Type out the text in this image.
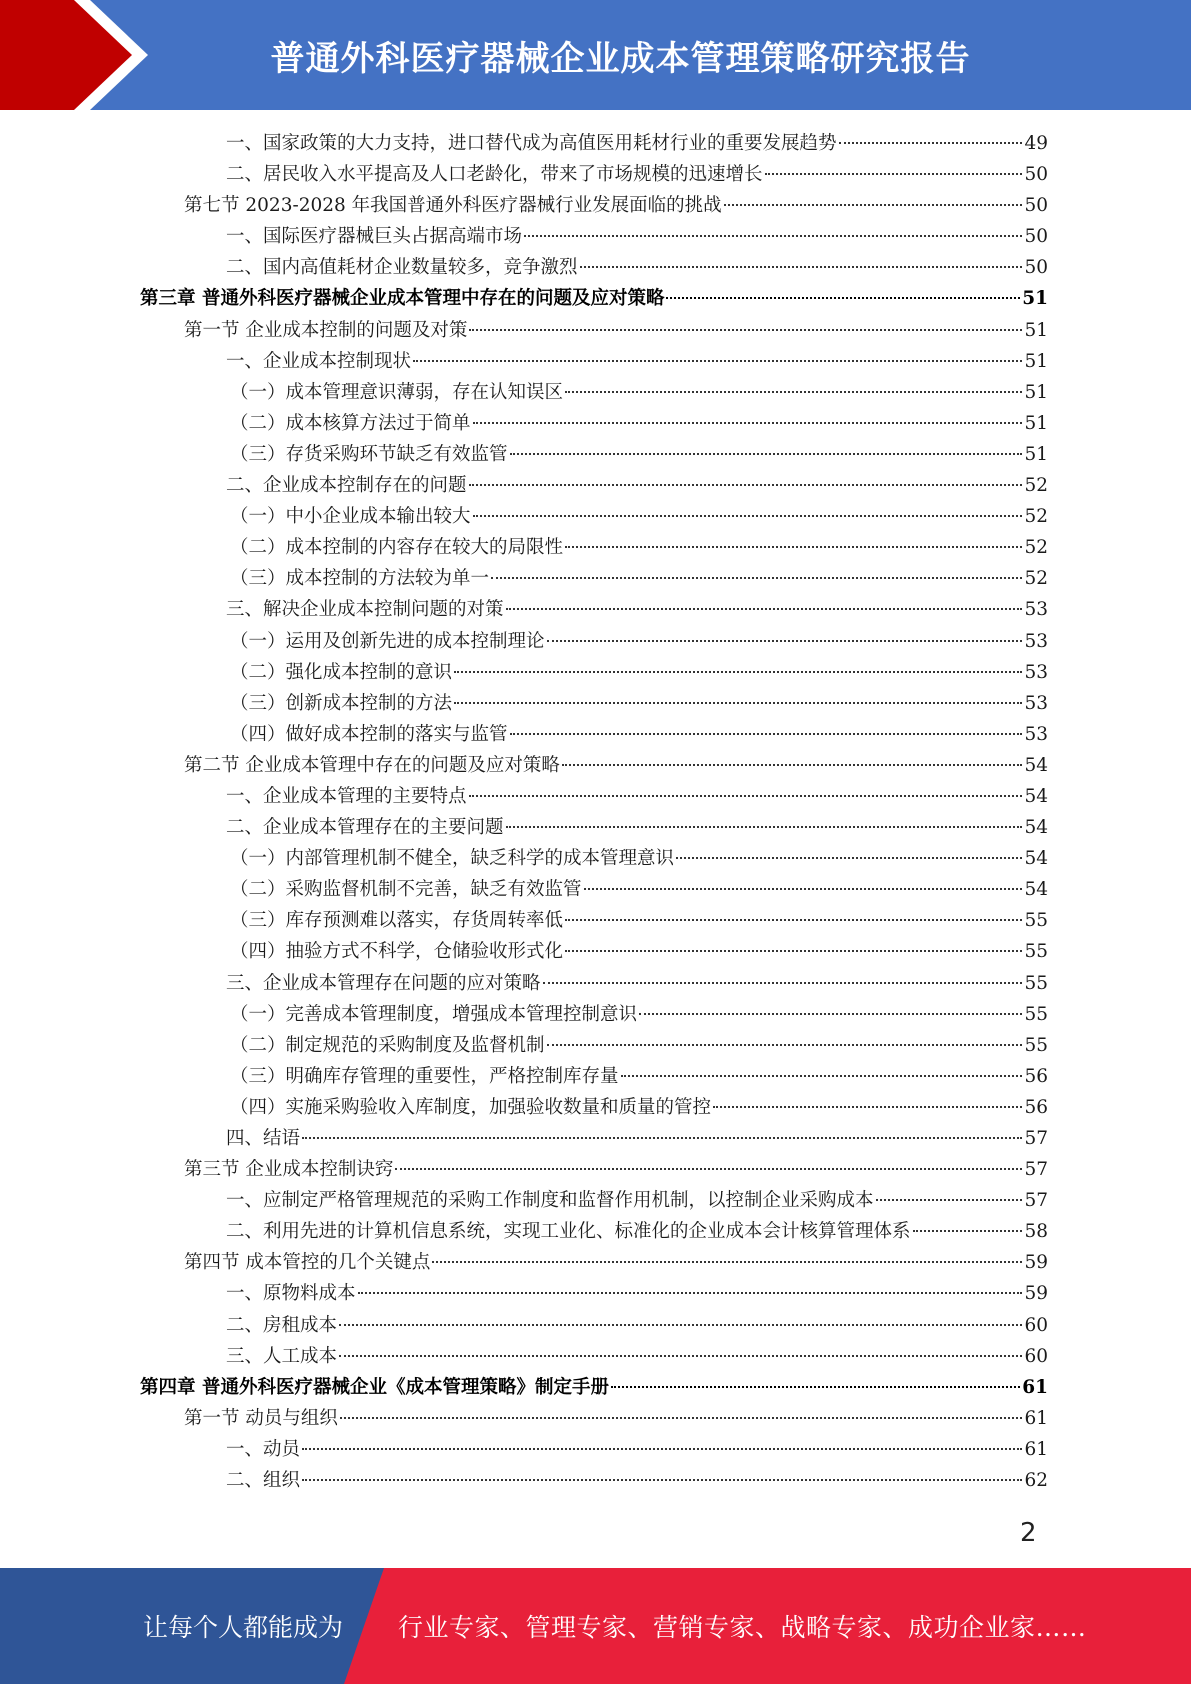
普通外科医疗器械企业成本管理策略研究报告
一、国家政策的大力支持，进口替代成为高值医用耗材行业的重要发展趋势	49
二、居民收入水平提高及人口老龄化，带来了市场规模的迅速增长	50
第七节 2023-2028 年我国普通外科医疗器械行业发展面临的挑战	50
一、国际医疗器械巨头占据高端市场	50
二、国内高值耗材企业数量较多，竞争激烈	50
第三章 普通外科医疗器械企业成本管理中存在的问题及应对策略	51
第一节 企业成本控制的问题及对策	51
一、企业成本控制现状	51
（一）成本管理意识薄弱，存在认知误区	51
（二）成本核算方法过于简单	51
（三）存货采购环节缺乏有效监管	51
二、企业成本控制存在的问题	52
（一）中小企业成本输出较大	52
（二）成本控制的内容存在较大的局限性	52
（三）成本控制的方法较为单一	52
三、解决企业成本控制问题的对策	53
（一）运用及创新先进的成本控制理论	53
（二）强化成本控制的意识	53
（三）创新成本控制的方法	53
（四）做好成本控制的落实与监管	53
第二节 企业成本管理中存在的问题及应对策略	54
一、企业成本管理的主要特点	54
二、企业成本管理存在的主要问题	54
（一）内部管理机制不健全，缺乏科学的成本管理意识	54
（二）采购监督机制不完善，缺乏有效监管	54
（三）库存预测难以落实，存货周转率低	55
（四）抽验方式不科学，仓储验收形式化	55
三、企业成本管理存在问题的应对策略	55
（一）完善成本管理制度，增强成本管理控制意识	55
（二）制定规范的采购制度及监督机制	55
（三）明确库存管理的重要性，严格控制库存量	56
（四）实施采购验收入库制度，加强验收数量和质量的管控	56
四、结语	57
第三节 企业成本控制诀窍	57
一、应制定严格管理规范的采购工作制度和监督作用机制，以控制企业采购成本	57
二、利用先进的计算机信息系统，实现工业化、标准化的企业成本会计核算管理体系	58
第四节 成本管控的几个关键点	59
一、原物料成本	59
二、房租成本	60
三、人工成本	60
第四章 普通外科医疗器械企业《成本管理策略》制定手册	61
第一节 动员与组织	61
一、动员	61
二、组织	62
2
让每个人都能成为 行业专家、管理专家、营销专家、战略专家、成功企业家……
